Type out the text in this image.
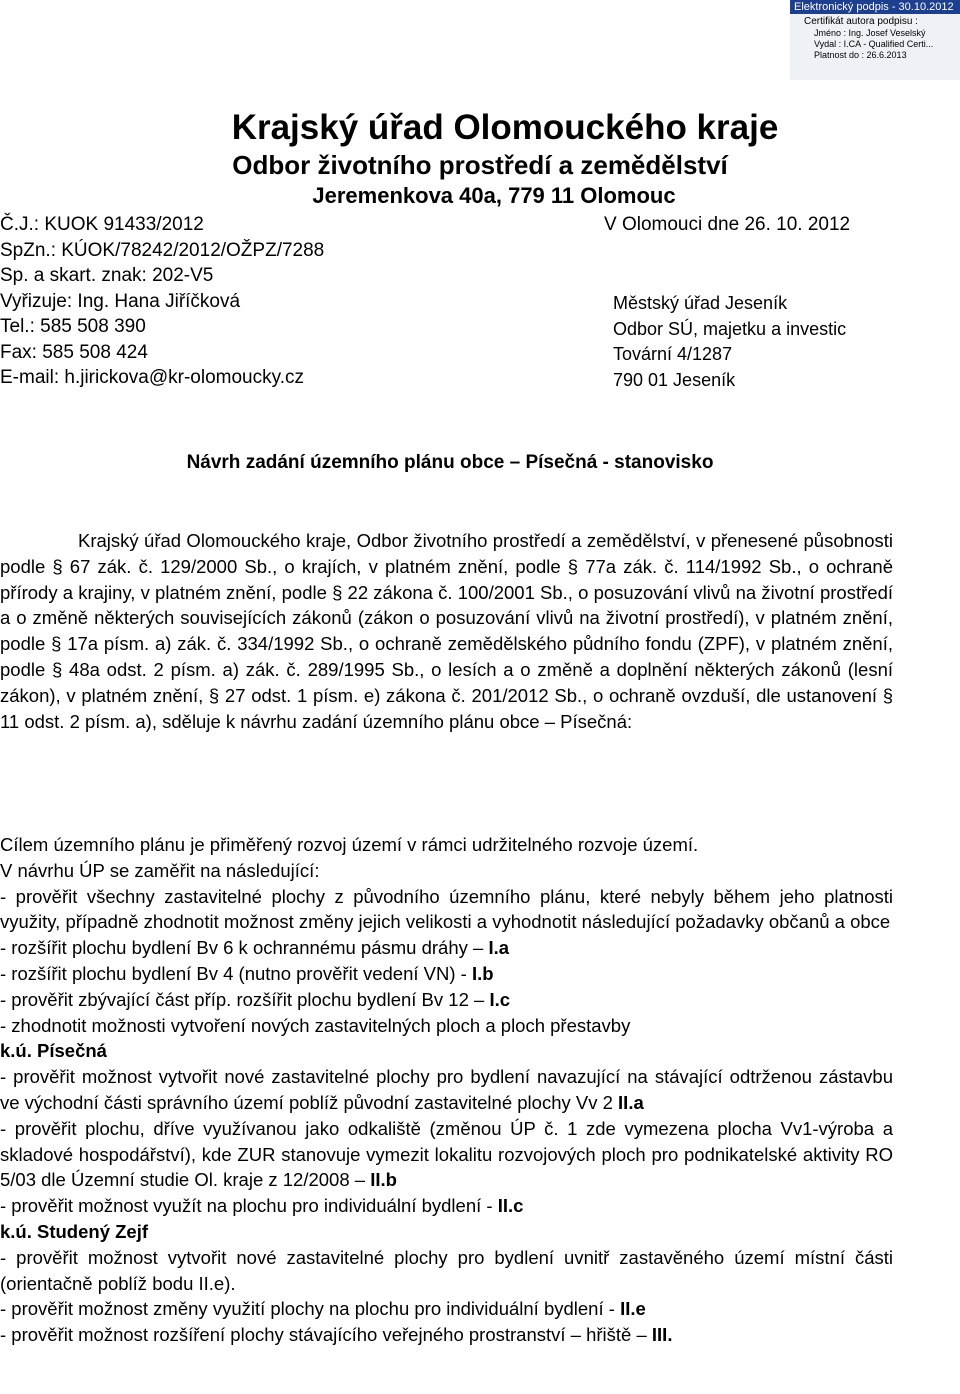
Elektronický podpis - 30.10.2012
Certifikát autora podpisu :
Jméno : Ing. Josef Veselský
Vydal : I.CA - Qualified Certi...
Platnost do : 26.6.2013
Krajský úřad Olomouckého kraje
Odbor životního prostředí a zemědělství
Jeremenkova 40a, 779 11 Olomouc
Č.J.: KUOK 91433/2012
SpZn.: KÚOK/78242/2012/OŽPZ/7288
Sp. a skart. znak: 202-V5
Vyřizuje: Ing. Hana Jiříčková
Tel.: 585 508 390
Fax: 585 508 424
E-mail: h.jirickova@kr-olomoucky.cz
V Olomouci dne 26. 10. 2012
Městský úřad Jeseník
Odbor SÚ, majetku a investic
Tovární 4/1287
790 01 Jeseník
Návrh zadání územního plánu obce – Písečná - stanovisko
Krajský úřad Olomouckého kraje, Odbor životního prostředí a zemědělství, v přenesené působnosti podle § 67 zák. č. 129/2000 Sb., o krajích, v platném znění, podle § 77a zák. č. 114/1992 Sb., o ochraně přírody a krajiny, v platném znění, podle § 22 zákona č. 100/2001 Sb., o posuzování vlivů na životní prostředí a o změně některých souvisejících zákonů (zákon o posuzování vlivů na životní prostředí), v platném znění, podle § 17a písm. a) zák. č. 334/1992 Sb., o ochraně zemědělského půdního fondu (ZPF), v platném znění, podle § 48a odst. 2 písm. a) zák. č. 289/1995 Sb., o lesích a o změně a doplnění některých zákonů (lesní zákon), v platném znění, § 27 odst. 1 písm. e) zákona č. 201/2012 Sb., o ochraně ovzduší, dle ustanovení § 11 odst. 2 písm. a), sděluje k návrhu zadání územního plánu obce – Písečná:

Cílem územního plánu je přiměřený rozvoj území v rámci udržitelného rozvoje území.

V návrhu ÚP se zaměřit na následující:

- prověřit všechny zastavitelné plochy z původního územního plánu, které nebyly během jeho platnosti využity, případně zhodnotit možnost změny jejich velikosti a vyhodnotit následující požadavky občanů a obce

- rozšířit plochu bydlení Bv 6 k ochrannému pásmu dráhy – I.a

- rozšířit plochu bydlení Bv 4 (nutno prověřit vedení VN) - I.b

- prověřit zbývající část příp. rozšířit plochu bydlení Bv 12 – I.c

- zhodnotit možnosti vytvoření nových zastavitelných ploch a ploch přestavby

k.ú. Písečná

- prověřit možnost vytvořit nové zastavitelné plochy pro bydlení navazující na stávající odtrženou zástavbu ve východní části správního území poblíž původní zastavitelné plochy Vv 2 II.a

- prověřit plochu, dříve využívanou jako odkaliště (změnou ÚP č. 1 zde vymezena plocha Vv1-výroba a skladové hospodářství), kde ZUR stanovuje vymezit lokalitu rozvojových ploch pro podnikatelské aktivity RO 5/03 dle Územní studie Ol. kraje z 12/2008 – II.b

- prověřit možnost využít na plochu pro individuální bydlení - II.c

k.ú. Studený Zejf

- prověřit možnost vytvořit nové zastavitelné plochy pro bydlení uvnitř zastavěného území místní části (orientačně poblíž bodu II.e).

- prověřit možnost změny využití plochy na plochu pro individuální bydlení - II.e

- prověřit možnost rozšíření plochy stávajícího veřejného prostranství – hřiště – III.
